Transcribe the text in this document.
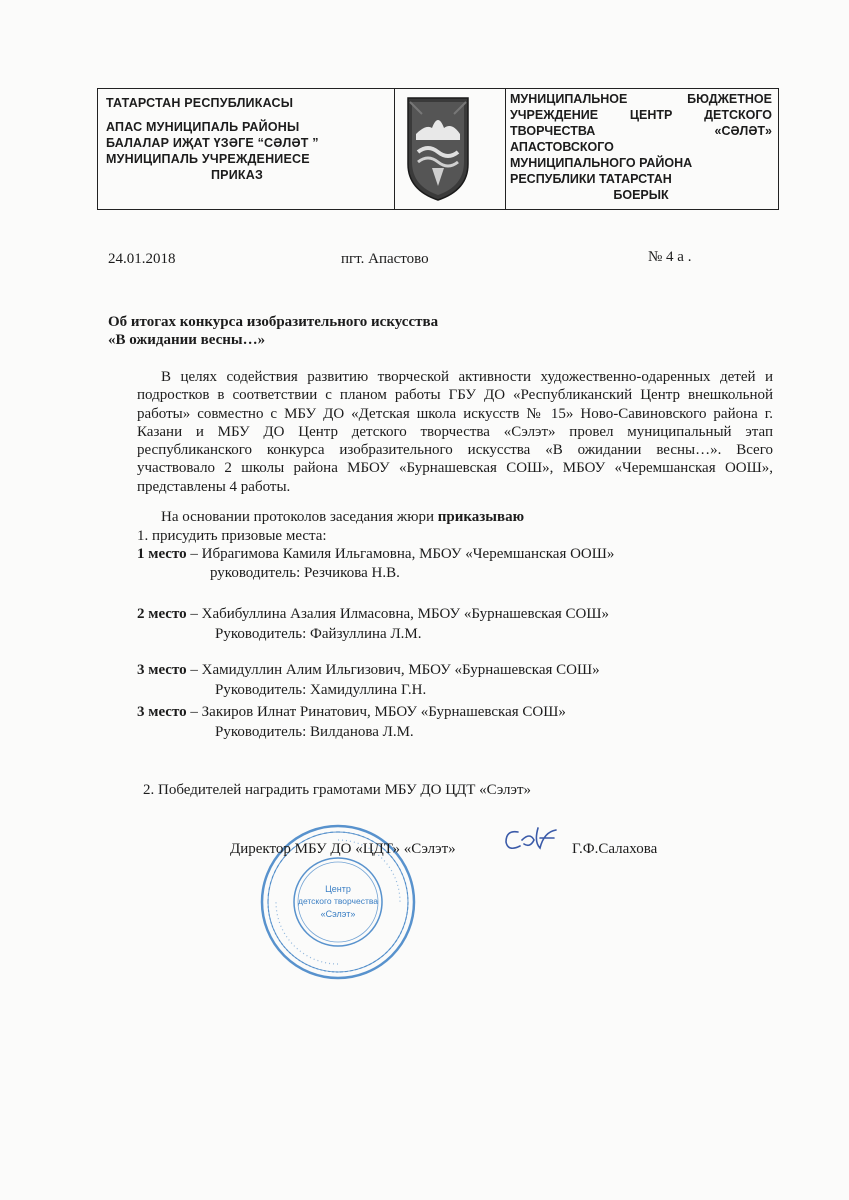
ТАТАРСТАН РЕСПУБЛИКАСЫ

АПАС МУНИЦИПАЛЬ РАЙОНЫ
БАЛАЛАР ИҖАТ ҮЗӘГЕ “СӘЛӘТ ”
МУНИЦИПАЛЬ УЧРЕЖДЕНИЕСЕ
ПРИКАЗ
МУНИЦИПАЛЬНОЕ БЮДЖЕТНОЕ
УЧРЕЖДЕНИЕ ЦЕНТР ДЕТСКОГО
ТВОРЧЕСТВА	«СӘЛӘТ»
АПАСТОВСКОГО
МУНИЦИПАЛЬНОГО РАЙОНА
РЕСПУБЛИКИ ТАТАРСТАН
БОЕРЫК
24.01.2018	пгт. Апастово	№ 4 а .
Об итогах конкурса изобразительного искусства
«В ожидании весны…»

В целях содействия развитию творческой активности художественно-одаренных детей и подростков в соответствии с планом работы ГБУ ДО «Республиканский Центр внешкольной работы» совместно с МБУ ДО «Детская школа искусств № 15» Ново-Савиновского района г. Казани и МБУ ДО Центр детского творчества «Сэлэт» провел муниципальный этап республиканского конкурса изобразительного искусства «В ожидании весны…». Всего участвовало 2 школы района МБОУ «Бурнашевская СОШ», МБОУ «Черемшанская ООШ», представлены 4 работы.

На основании протоколов заседания жюри приказываю
1. присудить призовые места:
1 место – Ибрагимова Камиля Ильгамовна, МБОУ «Черемшанская ООШ»
руководитель: Резчикова Н.В.
2 место – Хабибуллина Азалия Илмасовна, МБОУ «Бурнашевская СОШ»
Руководитель: Файзуллина Л.М.
3 место – Хамидуллин Алим Ильгизович, МБОУ «Бурнашевская СОШ»
Руководитель: Хамидуллина Г.Н.
3 место – Закиров Илнат Ринатович, МБОУ «Бурнашевская СОШ»
Руководитель: Вилданова Л.М.
2. Победителей наградить грамотами МБУ ДО ЦДТ «Сэлэт»
Центр
детского творчества
«Сэлэт»
Директор МБУ ДО «ЦДТ» «Сэлэт»	Г.Ф.Салахова
